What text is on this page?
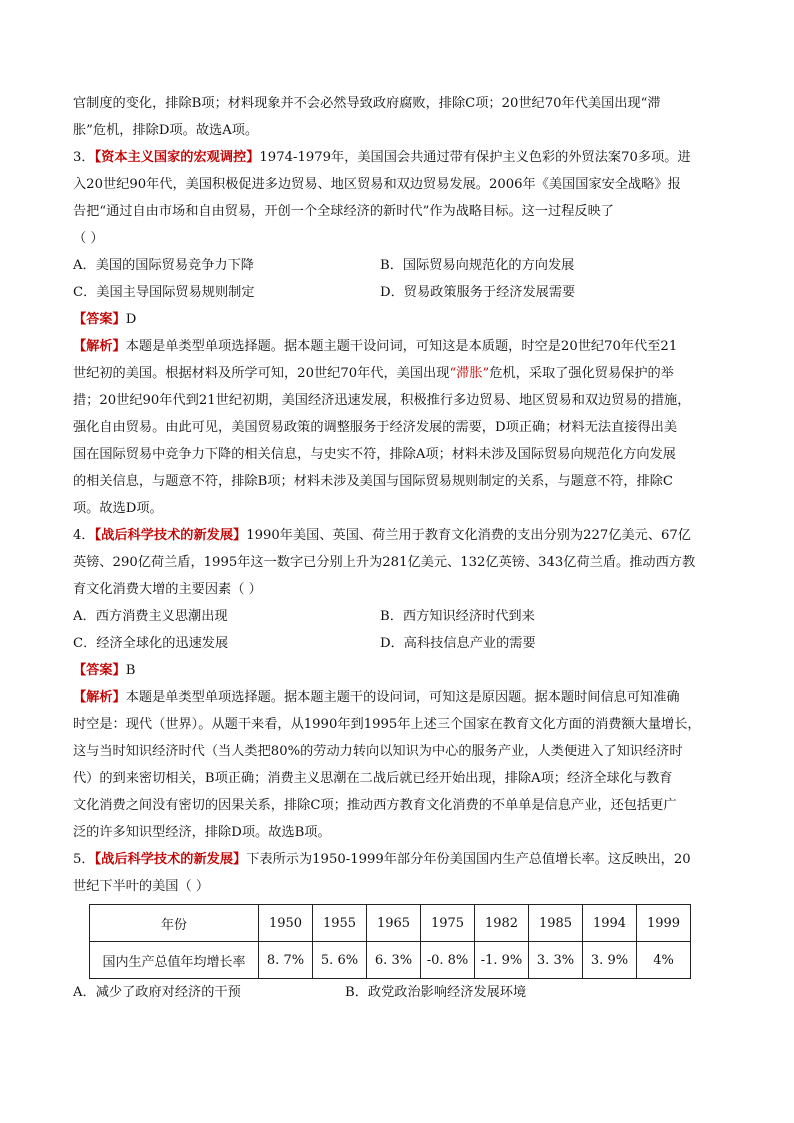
官制度的变化，排除B项；材料现象并不会必然导致政府腐败，排除C项；20世纪70年代美国出现“滞
胀”危机，排除D项。故选A项。
3．【资本主义国家的宏观调控】1974-1979年，美国国会共通过带有保护主义色彩的外贸法案70多项。进
入20世纪90年代，美国积极促进多边贸易、地区贸易和双边贸易发展。2006年《美国国家安全战略》报
告把“通过自由市场和自由贸易，开创一个全球经济的新时代”作为战略目标。这一过程反映了
（ ）
A．美国的国际贸易竞争力下降	B．国际贸易向规范化的方向发展
C．美国主导国际贸易规则制定	D．贸易政策服务于经济发展需要
【答案】D
【解析】本题是单类型单项选择题。据本题主题干设问词，可知这是本质题，时空是20世纪70年代至21
世纪初的美国。根据材料及所学可知，20世纪70年代，美国出现“滞胀”危机，采取了强化贸易保护的举
措；20世纪90年代到21世纪初期，美国经济迅速发展，积极推行多边贸易、地区贸易和双边贸易的措施，
强化自由贸易。由此可见，美国贸易政策的调整服务于经济发展的需要，D项正确；材料无法直接得出美
国在国际贸易中竞争力下降的相关信息，与史实不符，排除A项；材料未涉及国际贸易向规范化方向发展
的相关信息，与题意不符，排除B项；材料未涉及美国与国际贸易规则制定的关系，与题意不符，排除C
项。故选D项。
4．【战后科学技术的新发展】1990年美国、英国、荷兰用于教育文化消费的支出分别为227亿美元、67亿
英镑、290亿荷兰盾，1995年这一数字已分别上升为281亿美元、132亿英镑、343亿荷兰盾。推动西方教
育文化消费大增的主要因素（ ）
A．西方消费主义思潮出现	B．西方知识经济时代到来
C．经济全球化的迅速发展	D．高科技信息产业的需要
【答案】B
【解析】本题是单类型单项选择题。据本题主题干的设问词，可知这是原因题。据本题时间信息可知准确
时空是：现代（世界）。从题干来看，从1990年到1995年上述三个国家在教育文化方面的消费额大量增长，
这与当时知识经济时代（当人类把80%的劳动力转向以知识为中心的服务产业，人类便进入了知识经济时
代）的到来密切相关，B项正确；消费主义思潮在二战后就已经开始出现，排除A项；经济全球化与教育
文化消费之间没有密切的因果关系，排除C项；推动西方教育文化消费的不单单是信息产业，还包括更广
泛的许多知识型经济，排除D项。故选B项。
5．【战后科学技术的新发展】下表所示为1950-1999年部分年份美国国内生产总值增长率。这反映出，20
世纪下半叶的美国（ ）
年份	1950	1955	1965	1975	1982	1985	1994	1999
国内生产总值年均增长率	8. 7%	5. 6%	6. 3%	-0. 8%	-1. 9%	3. 3%	3. 9%	4%
A．减少了政府对经济的干预	B．政党政治影响经济发展环境
